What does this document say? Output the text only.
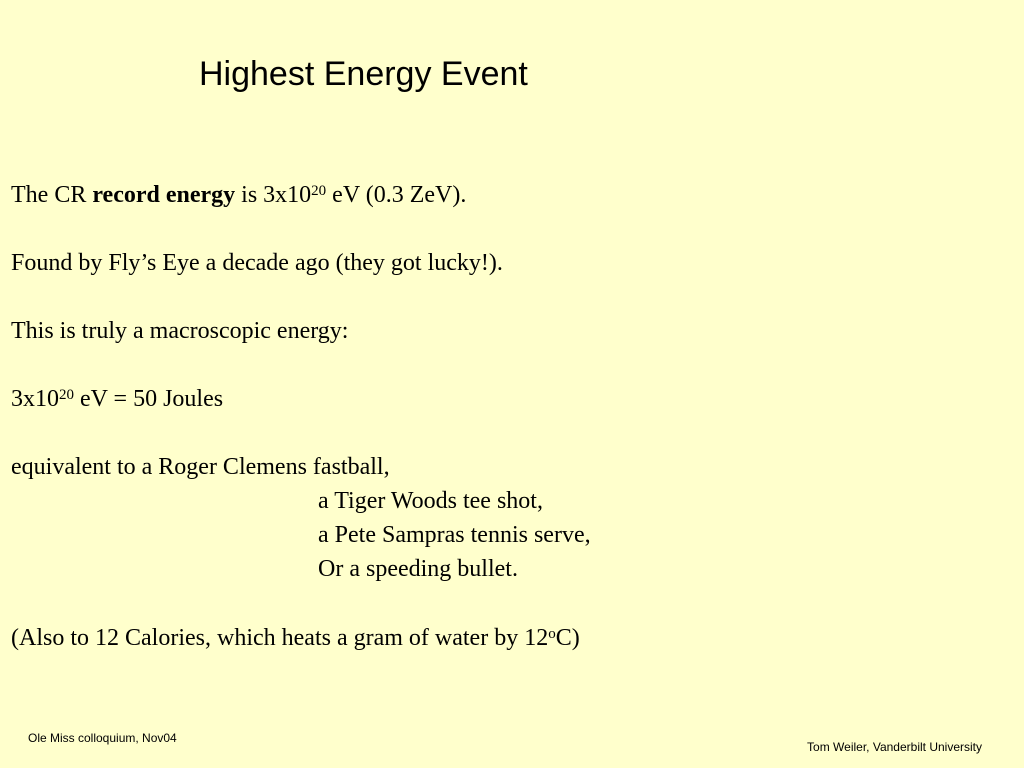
Highest Energy Event
The CR record energy is $3x10^{20}$ eV (0.3 ZeV).
Found by Fly’s Eye a decade ago (they got lucky!).
This is truly a macroscopic energy:
$3x10^{20}$ eV = 50 Joules
equivalent to a Roger Clemens fastball,
a Tiger Woods tee shot,
a Pete Sampras tennis serve,
Or a speeding bullet.
(Also to 12 Calories, which heats a gram of water by 12$^o$C)
Ole Miss colloquium, Nov04
Tom Weiler, Vanderbilt University
